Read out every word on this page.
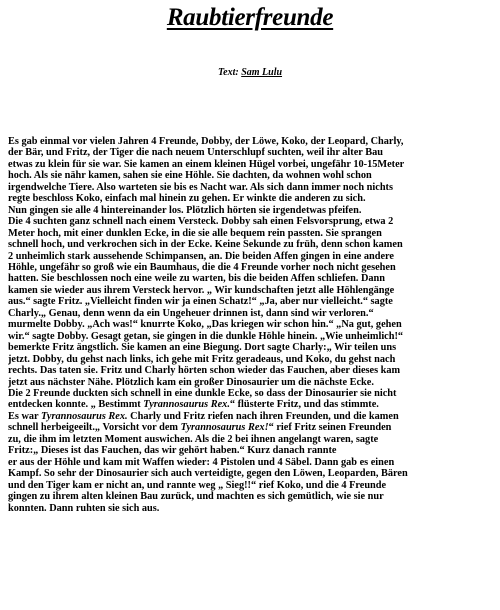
Raubtierfreunde
Text: Sam Lulu
Es gab einmal vor vielen Jahren 4 Freunde, Dobby, der Löwe, Koko, der Leopard, Charly,
der Bär, und Fritz, der Tiger die nach neuem Unterschlupf suchten, weil ihr alter Bau
etwas zu klein für sie war. Sie kamen an einem kleinen Hügel vorbei, ungefähr 10-15Meter
hoch. Als sie nähr kamen, sahen sie eine Höhle. Sie dachten, da wohnen wohl schon
irgendwelche Tiere. Also warteten sie bis es Nacht war. Als sich dann immer noch nichts
regte beschloss Koko, einfach mal hinein zu gehen. Er winkte die anderen zu sich.
Nun gingen sie alle 4 hintereinander los. Plötzlich hörten sie irgendetwas pfeifen.
Die 4 suchten ganz schnell nach einem Versteck. Dobby sah einen Felsvorsprung, etwa 2
Meter hoch, mit einer dunklen Ecke, in die sie alle bequem rein passten. Sie sprangen
schnell hoch, und verkrochen sich in der Ecke. Keine Sekunde zu früh, denn schon kamen
2 unheimlich stark aussehende Schimpansen, an. Die beiden Affen gingen in eine andere
Höhle, ungefähr so groß wie ein Baumhaus, die die 4 Freunde vorher noch nicht gesehen
hatten. Sie beschlossen noch eine weile zu warten, bis die beiden Affen schliefen. Dann
kamen sie wieder aus ihrem Versteck hervor. „ Wir kundschaften jetzt alle Höhlengänge
aus.“ sagte Fritz. „Vielleicht finden wir ja einen Schatz!“ „Ja, aber nur vielleicht.“ sagte
Charly.„ Genau, denn wenn da ein Ungeheuer drinnen ist, dann sind wir verloren.“
murmelte Dobby. „Ach was!“ knurrte Koko, „Das kriegen wir schon hin.“ „Na gut, gehen
wir.“ sagte Dobby. Gesagt getan, sie gingen in die dunkle Höhle hinein. „Wie unheimlich!“
bemerkte Fritz ängstlich. Sie kamen an eine Biegung. Dort sagte Charly:„ Wir teilen uns
jetzt. Dobby, du gehst nach links, ich gehe mit Fritz geradeaus, und Koko, du gehst nach
rechts. Das taten sie. Fritz und Charly hörten schon wieder das Fauchen, aber dieses kam
jetzt aus nächster Nähe. Plötzlich kam ein großer Dinosaurier um die nächste Ecke.
Die 2 Freunde duckten sich schnell in eine dunkle Ecke, so dass der Dinosaurier sie nicht
entdecken konnte. „ Bestimmt Tyrannosaurus Rex.“ flüsterte Fritz, und das stimmte.
Es war Tyrannosaurus Rex. Charly und Fritz riefen nach ihren Freunden, und die kamen
schnell herbeigeeilt.„ Vorsicht vor dem Tyrannosaurus Rex!“ rief Fritz seinen Freunden
zu, die ihm im letzten Moment auswichen. Als die 2 bei ihnen angelangt waren, sagte
Fritz:„ Dieses ist das Fauchen, das wir gehört haben.“ Kurz danach rannte
er aus der Höhle und kam mit Waffen wieder: 4 Pistolen und 4 Säbel. Dann gab es einen
Kampf. So sehr der Dinosaurier sich auch verteidigte, gegen den Löwen, Leoparden, Bären
und den Tiger kam er nicht an, und rannte weg „ Sieg!!“ rief Koko, und die 4 Freunde
gingen zu ihrem alten kleinen Bau zurück, und machten es sich gemütlich, wie sie nur
konnten. Dann ruhten sie sich aus.
